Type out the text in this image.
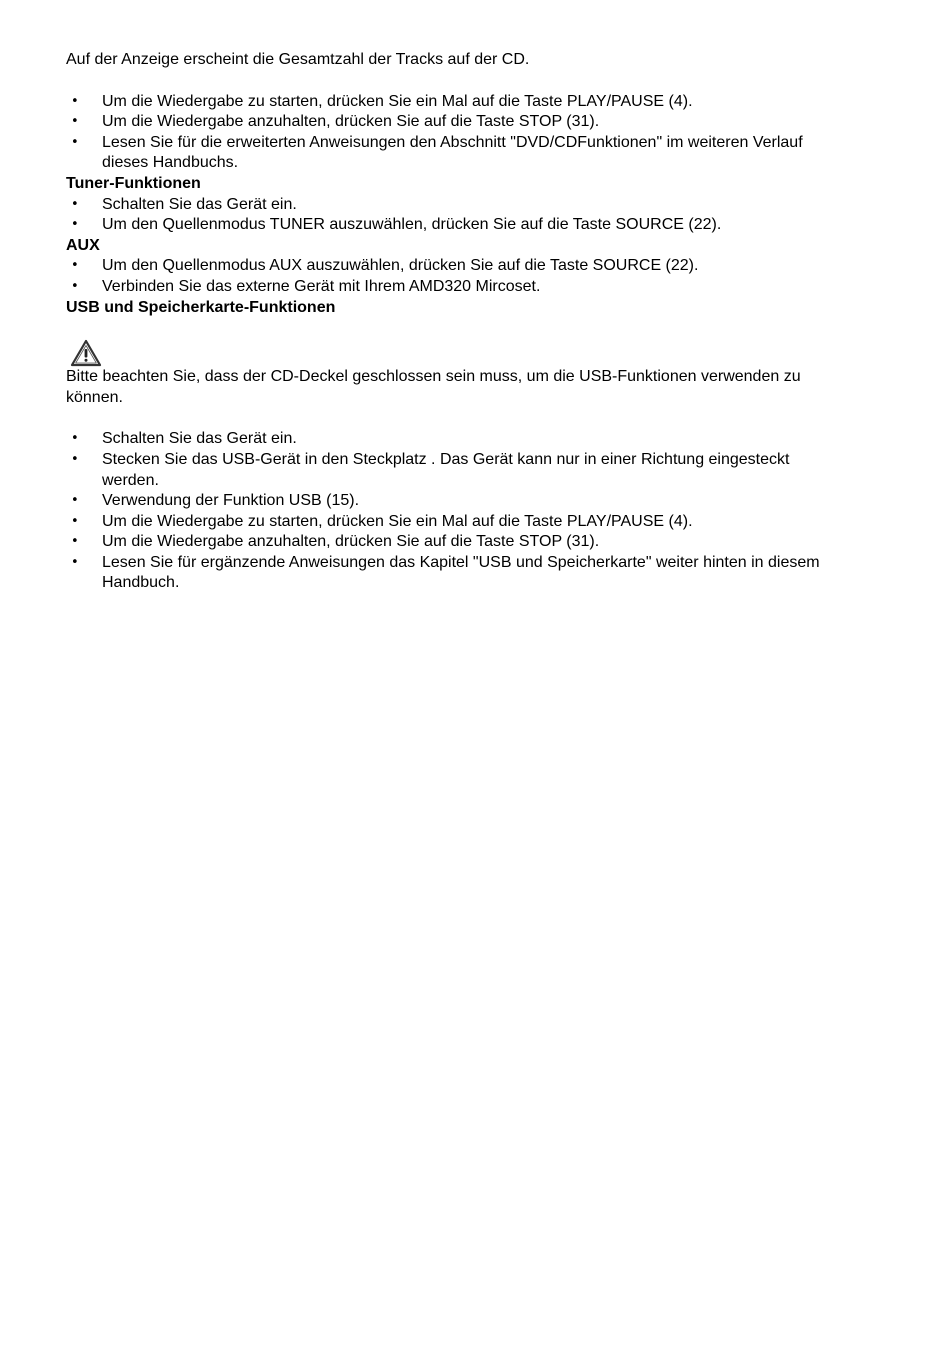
Auf der Anzeige erscheint die Gesamtzahl der Tracks auf der CD.

• Um die Wiedergabe zu starten, drücken Sie ein Mal auf die Taste PLAY/PAUSE (4).
• Um die Wiedergabe anzuhalten, drücken Sie auf die Taste STOP (31).
• Lesen Sie für die erweiterten Anweisungen den Abschnitt "DVD/CDFunktionen" im weiteren Verlauf dieses Handbuchs.
Tuner-Funktionen
• Schalten Sie das Gerät ein.
• Um den Quellenmodus TUNER auszuwählen, drücken Sie auf die Taste SOURCE (22).
AUX
• Um den Quellenmodus AUX auszuwählen, drücken Sie auf die Taste SOURCE (22).
• Verbinden Sie das externe Gerät mit Ihrem AMD320 Mircoset.
USB und Speicherkarte-Funktionen

Bitte beachten Sie, dass der CD-Deckel geschlossen sein muss, um die USB-Funktionen verwenden zu können.

• Schalten Sie das Gerät ein.
• Stecken Sie das USB-Gerät in den Steckplatz . Das Gerät kann nur in einer Richtung eingesteckt werden.
• Verwendung der Funktion USB (15).
• Um die Wiedergabe zu starten, drücken Sie ein Mal auf die Taste PLAY/PAUSE (4).
• Um die Wiedergabe anzuhalten, drücken Sie auf die Taste STOP (31).
• Lesen Sie für ergänzende Anweisungen das Kapitel "USB und Speicherkarte" weiter hinten in diesem Handbuch.
